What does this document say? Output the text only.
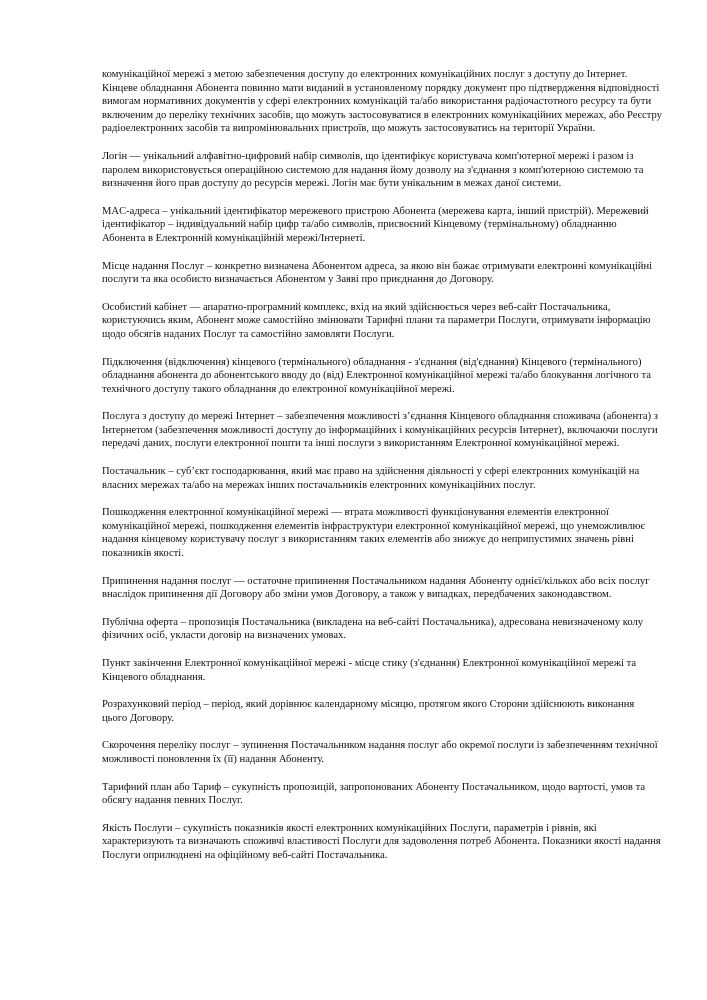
комунікаційної мережі з метою забезпечення доступу до електронних комунікаційних послуг з доступу до Інтернет. Кінцеве обладнання Абонента повинно мати виданий в установленому порядку документ про підтвердження відповідності вимогам нормативних документів у сфері електронних комунікацій та/або використання радіочастотного ресурсу та бути включеним до переліку технічних засобів, що можуть застосовуватися в електронних комунікаційних мережах, або Реєстру радіоелектронних засобів та випромінювальних пристроїв, що можуть застосовуватись на території України.

Логін — унікальний алфавітно-цифровий набір символів, що ідентифікує користувача комп'ютерної мережі і разом із паролем використовується операційною системою для надання йому дозволу на з'єднання з комп'ютерною системою та визначення його прав доступу до ресурсів мережі. Логін має бути унікальним в межах даної системи.

MAC-адреса – унікальний ідентифікатор мережевого пристрою Абонента (мережева карта, інший пристрій). Мережевий ідентифікатор – індивідуальний набір цифр та/або символів, присвоєний Кінцевому (термінальному) обладнанню Абонента в Електронній комунікаційній мережі/Інтернеті.

Місце надання Послуг – конкретно визначена Абонентом адреса, за якою він бажає отримувати електронні комунікаційні послуги та яка особисто визначається Абонентом у Заяві про приєднання до Договору.

Особистий кабінет — апаратно-програмний комплекс, вхід на який здійснюється через веб-сайт Постачальника, користуючись яким, Абонент може самостійно змінювати Тарифні плани та параметри Послуги, отримувати інформацію щодо обсягів наданих Послуг та самостійно замовляти Послуги.

Підключення (відключення) кінцевого (термінального) обладнання - з'єднання (від'єднання) Кінцевого (термінального) обладнання абонента до абонентського вводу до (від) Електронної комунікаційної мережі та/або блокування логічного та технічного доступу такого обладнання до електронної комунікаційної мережі.

Послуга з доступу до мережі Інтернет – забезпечення можливості з’єднання Кінцевого обладнання споживача (абонента) з Інтернетом (забезпечення можливості доступу до інформаційних і комунікаційних ресурсів Інтернет), включаючи послуги передачі даних, послуги електронної пошти та інші послуги з використанням Електронної комунікаційної мережі.

Постачальник – суб’єкт господарювання, який має право на здійснення діяльності у сфері електронних комунікацій на власних мережах та/або на мережах інших постачальників електронних комунікаційних послуг.

Пошкодження електронної комунікаційної мережі — втрата можливості функціонування елементів електронної комунікаційної мережі, пошкодження елементів інфраструктури електронної комунікаційної мережі, що унеможливлює надання кінцевому користувачу послуг з використанням таких елементів або знижує до неприпустимих значень рівні показників якості.

Припинення надання послуг — остаточне припинення Постачальником надання Абоненту однієї/кількох або всіх послуг внаслідок припинення дії Договору або зміни умов Договору, а також у випадках, передбачених законодавством.

Публічна оферта – пропозиція Постачальника (викладена на веб-сайті Постачальника), адресована невизначеному колу фізичних осіб, укласти договір на визначених умовах.

Пункт закінчення Електронної комунікаційної мережі - місце стику (з'єднання) Електронної комунікаційної мережі та Кінцевого обладнання.

Розрахунковий період – період, який дорівнює календарному місяцю, протягом якого Сторони здійснюють виконання цього Договору.

Скорочення переліку послуг – зупинення Постачальником надання послуг або окремої послуги із забезпеченням технічної можливості поновлення їх (її) надання Абоненту.

Тарифний план або Тариф – сукупність пропозицій, запропонованих Абоненту Постачальником, щодо вартості, умов та обсягу надання певних Послуг.

Якість Послуги – сукупність показників якості електронних комунікаційних Послуги, параметрів і рівнів, які характеризують та визначають споживчі властивості Послуги для задоволення потреб Абонента. Показники якості надання Послуги оприлюднені на офіційному веб-сайті Постачальника.
